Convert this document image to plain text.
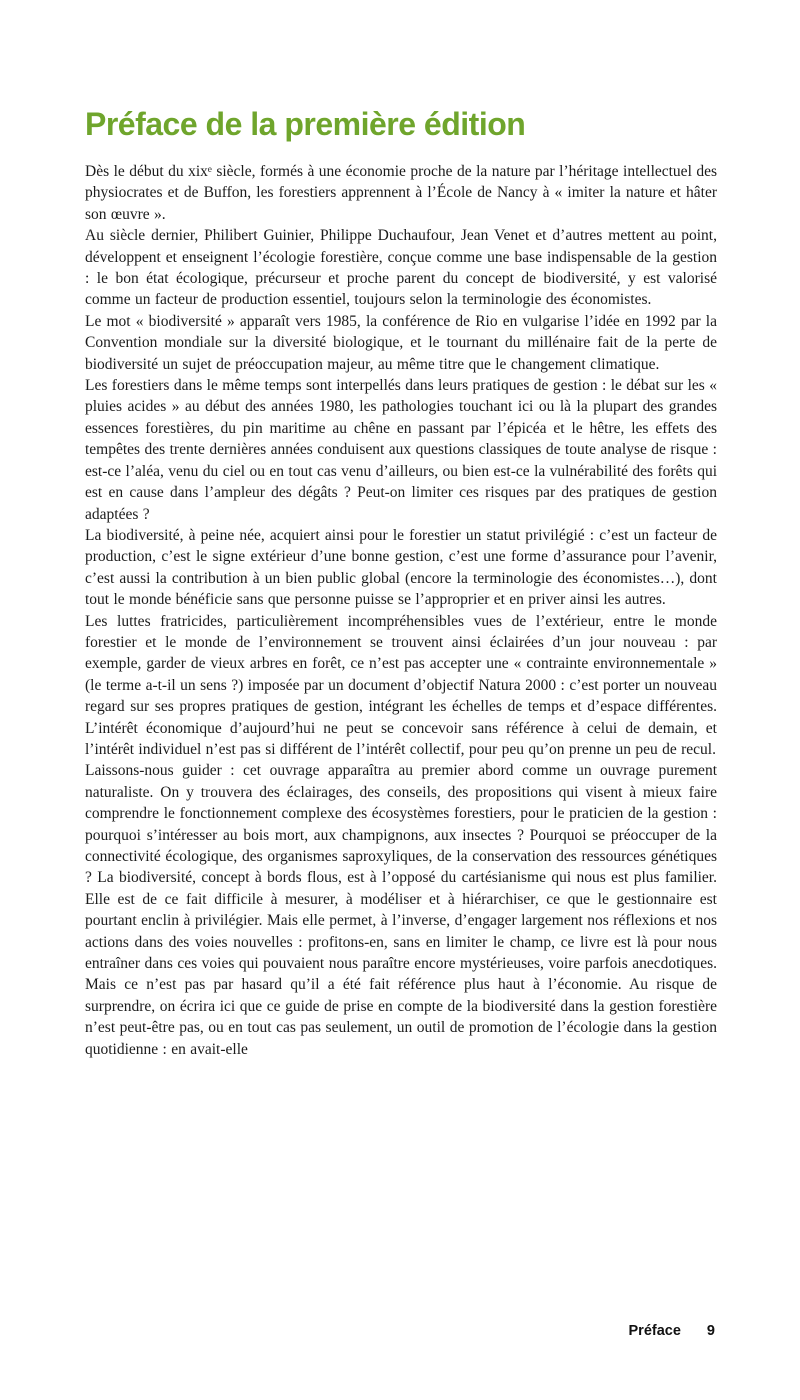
Préface de la première édition

Dès le début du xixᵉ siècle, formés à une économie proche de la nature par l’héritage intellectuel des physiocrates et de Buffon, les forestiers apprennent à l’École de Nancy à « imiter la nature et hâter son œuvre ».

Au siècle dernier, Philibert Guinier, Philippe Duchaufour, Jean Venet et d’autres mettent au point, développent et enseignent l’écologie forestière, conçue comme une base indispensable de la gestion : le bon état écologique, précurseur et proche parent du concept de biodiversité, y est valorisé comme un facteur de production essentiel, toujours selon la terminologie des économistes.

Le mot « biodiversité » apparaît vers 1985, la conférence de Rio en vulgarise l’idée en 1992 par la Convention mondiale sur la diversité biologique, et le tournant du millénaire fait de la perte de biodiversité un sujet de préoccupation majeur, au même titre que le changement climatique.

Les forestiers dans le même temps sont interpellés dans leurs pratiques de gestion : le débat sur les « pluies acides » au début des années 1980, les pathologies touchant ici ou là la plupart des grandes essences forestières, du pin maritime au chêne en passant par l’épicéa et le hêtre, les effets des tempêtes des trente dernières années conduisent aux questions classiques de toute analyse de risque : est-ce l’aléa, venu du ciel ou en tout cas venu d’ailleurs, ou bien est-ce la vulnérabilité des forêts qui est en cause dans l’ampleur des dégâts ? Peut-on limiter ces risques par des pratiques de gestion adaptées ?

La biodiversité, à peine née, acquiert ainsi pour le forestier un statut privilégié : c’est un facteur de production, c’est le signe extérieur d’une bonne gestion, c’est une forme d’assurance pour l’avenir, c’est aussi la contribution à un bien public global (encore la terminologie des économistes…), dont tout le monde bénéficie sans que personne puisse se l’approprier et en priver ainsi les autres.

Les luttes fratricides, particulièrement incompréhensibles vues de l’extérieur, entre le monde forestier et le monde de l’environnement se trouvent ainsi éclairées d’un jour nouveau : par exemple, garder de vieux arbres en forêt, ce n’est pas accepter une « contrainte environnementale » (le terme a-t-il un sens ?) imposée par un document d’objectif Natura 2000 : c’est porter un nouveau regard sur ses propres pratiques de gestion, intégrant les échelles de temps et d’espace différentes. L’intérêt économique d’aujourd’hui ne peut se concevoir sans référence à celui de demain, et l’intérêt individuel n’est pas si différent de l’intérêt collectif, pour peu qu’on prenne un peu de recul.

Laissons-nous guider : cet ouvrage apparaîtra au premier abord comme un ouvrage purement naturaliste. On y trouvera des éclairages, des conseils, des propositions qui visent à mieux faire comprendre le fonctionnement complexe des écosystèmes forestiers, pour le praticien de la gestion : pourquoi s’intéresser au bois mort, aux champignons, aux insectes ? Pourquoi se préoccuper de la connectivité écologique, des organismes saproxyliques, de la conservation des ressources génétiques ? La biodiversité, concept à bords flous, est à l’opposé du cartésianisme qui nous est plus familier. Elle est de ce fait difficile à mesurer, à modéliser et à hiérarchiser, ce que le gestionnaire est pourtant enclin à privilégier. Mais elle permet, à l’inverse, d’engager largement nos réflexions et nos actions dans des voies nouvelles : profitons-en, sans en limiter le champ, ce livre est là pour nous entraîner dans ces voies qui pouvaient nous paraître encore mystérieuses, voire parfois anecdotiques. Mais ce n’est pas par hasard qu’il a été fait référence plus haut à l’économie. Au risque de surprendre, on écrira ici que ce guide de prise en compte de la biodiversité dans la gestion forestière n’est peut-être pas, ou en tout cas pas seulement, un outil de promotion de l’écologie dans la gestion quotidienne : en avait-elle

Préface 9
